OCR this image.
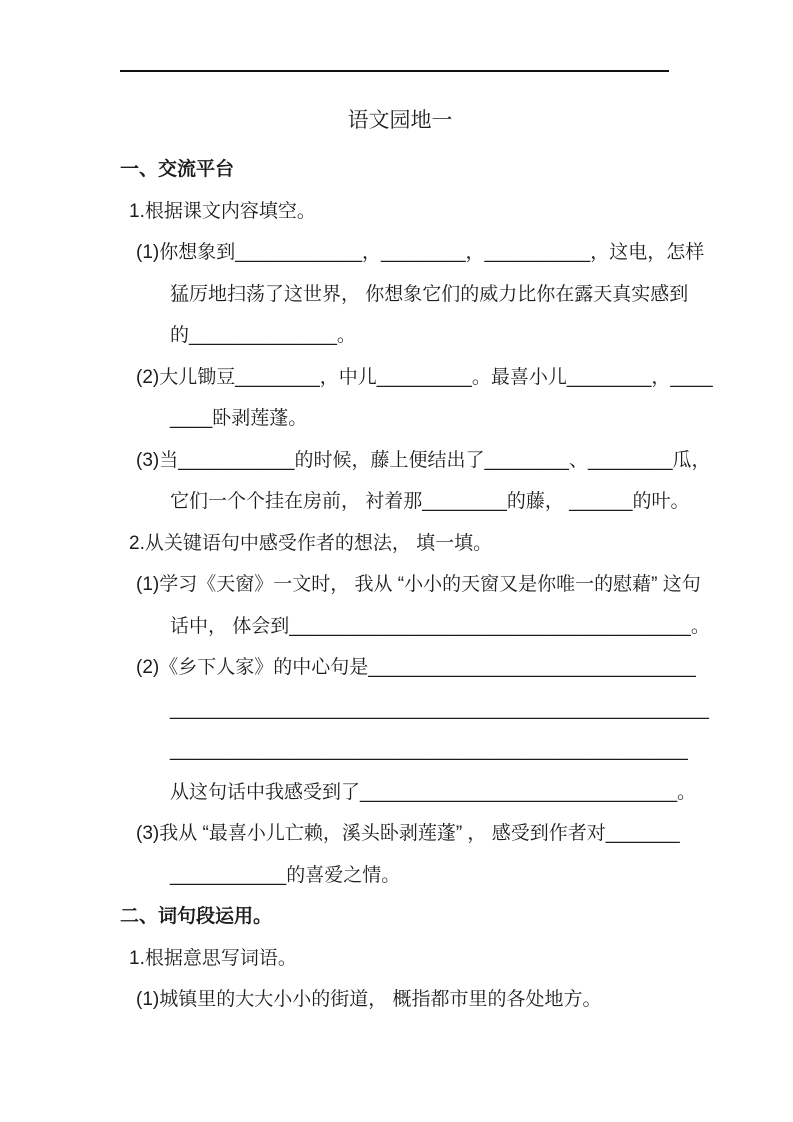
语文园地一
一、交流平台
1.根据课文内容填空。
(1)你想象到____________，________，__________，这电，怎样
猛厉地扫荡了这世界， 你想象它们的威力比你在露天真实感到
的______________。
(2)大儿锄豆________，中儿_________。最喜小儿________，____
____卧剥莲蓬。
(3)当___________的时候，藤上便结出了________、________瓜，
它们一个个挂在房前， 衬着那________的藤， ______的叶。
2.从关键语句中感受作者的想法， 填一填。
(1)学习《天窗》一文时， 我从 “小小的天窗又是你唯一的慰藉” 这句
话中， 体会到______________________________________。
(2)《乡下人家》的中心句是_______________________________
___________________________________________________
_________________________________________________
从这句话中我感受到了______________________________。
(3)我从 “最喜小儿亡赖，溪头卧剥莲蓬” ， 感受到作者对_______
___________的喜爱之情。
二、词句段运用。
1.根据意思写词语。
(1)城镇里的大大小小的街道， 概指都市里的各处地方。
